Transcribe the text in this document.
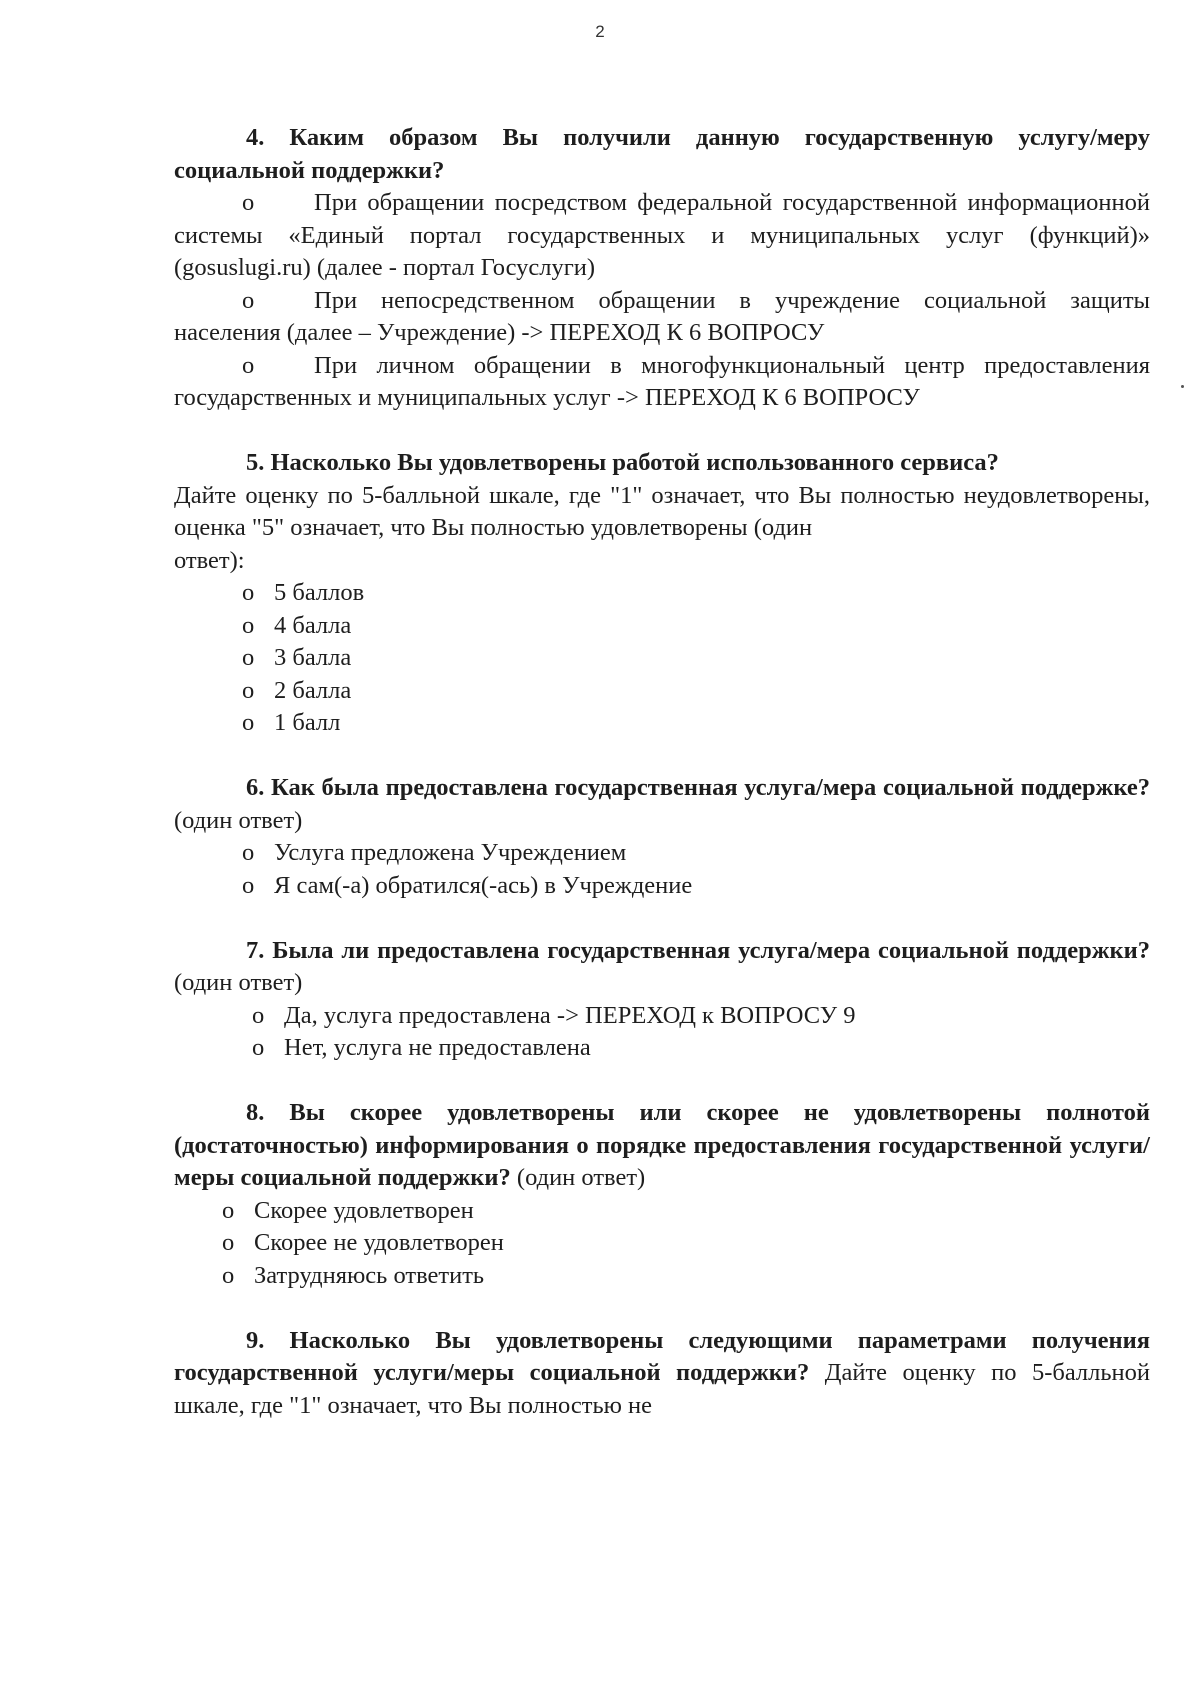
2
4. Каким образом Вы получили данную государственную услугу/меру социальной поддержки?
o При обращении посредством федеральной государственной информационной системы «Единый портал государственных и муниципальных услуг (функций)» (gosuslugi.ru) (далее - портал Госуслуги)
o При непосредственном обращении в учреждение социальной защиты населения (далее – Учреждение) -> ПЕРЕХОД К 6 ВОПРОСУ
o При личном обращении в многофункциональный центр предоставления государственных и муниципальных услуг -> ПЕРЕХОД К 6 ВОПРОСУ
5. Насколько Вы удовлетворены работой использованного сервиса?
Дайте оценку по 5-балльной шкале, где "1" означает, что Вы полностью неудовлетворены, оценка "5" означает, что Вы полностью удовлетворены (один
ответ):
o 5 баллов
o 4 балла
o 3 балла
o 2 балла
o 1 балл
6. Как была предоставлена государственная услуга/мера социальной поддержке? (один ответ)
o Услуга предложена Учреждением
o Я сам(-а) обратился(-ась) в Учреждение
7. Была ли предоставлена государственная услуга/мера социальной поддержки? (один ответ)
o Да, услуга предоставлена -> ПЕРЕХОД к ВОПРОСУ 9
o Нет, услуга не предоставлена
8. Вы скорее удовлетворены или скорее не удовлетворены полнотой (достаточностью) информирования о порядке предоставления государственной услуги/меры социальной поддержки? (один ответ)
o Скорее удовлетворен
o Скорее не удовлетворен
o Затрудняюсь ответить
9. Насколько Вы удовлетворены следующими параметрами получения государственной услуги/меры социальной поддержки? Дайте оценку по 5-балльной шкале, где "1" означает, что Вы полностью не
